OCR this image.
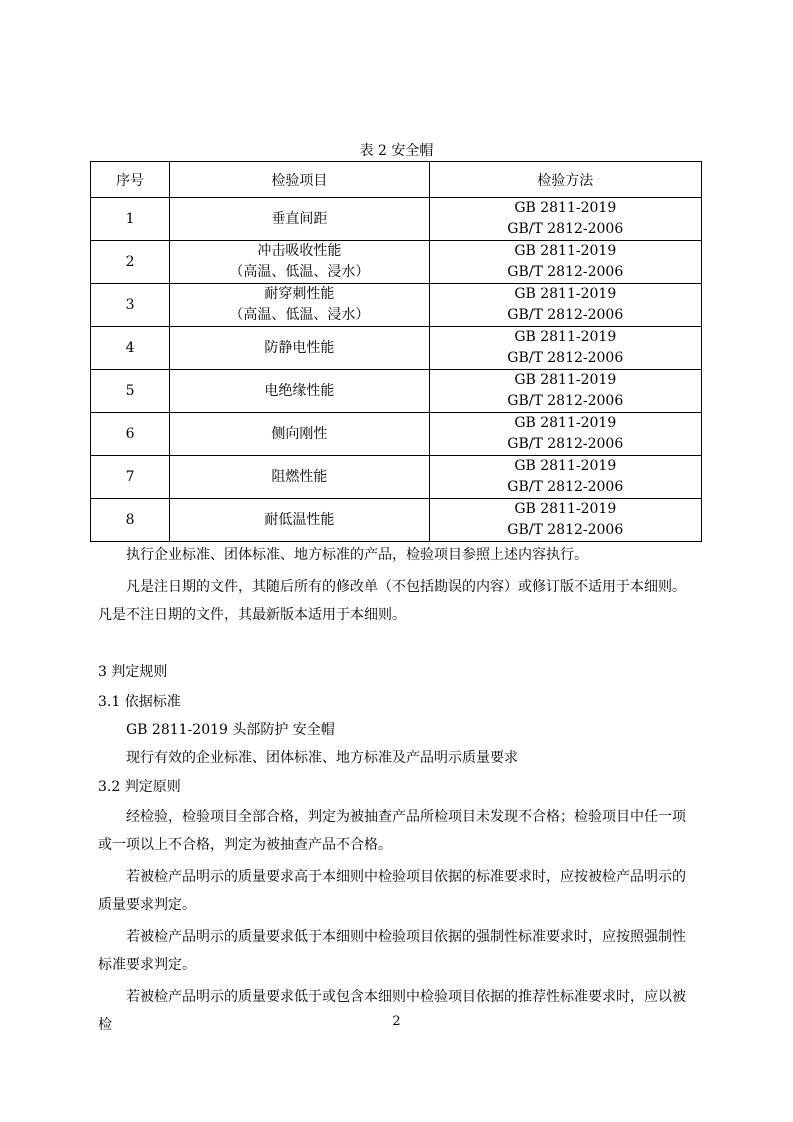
表 2 安全帽
序号	检验项目	检验方法
1	垂直间距	GB 2811-2019
GB/T 2812-2006

2	冲击吸收性能
（高温、低温、浸水）	GB 2811-2019
GB/T 2812-2006

3	耐穿刺性能
（高温、低温、浸水）	GB 2811-2019
GB/T 2812-2006

4	防静电性能	GB 2811-2019
GB/T 2812-2006

5	电绝缘性能	GB 2811-2019
GB/T 2812-2006

6	侧向刚性	GB 2811-2019
GB/T 2812-2006

7	阻燃性能	GB 2811-2019
GB/T 2812-2006

8	耐低温性能	GB 2811-2019
GB/T 2812-2006

执行企业标准、团体标准、地方标准的产品，检验项目参照上述内容执行。

凡是注日期的文件，其随后所有的修改单（不包括勘误的内容）或修订版不适用于本细则。凡是不注日期的文件，其最新版本适用于本细则。

3 判定规则

3.1 依据标准

GB 2811-2019 头部防护 安全帽

现行有效的企业标准、团体标准、地方标准及产品明示质量要求

3.2 判定原则

经检验，检验项目全部合格，判定为被抽查产品所检项目未发现不合格；检验项目中任一项或一项以上不合格，判定为被抽查产品不合格。

若被检产品明示的质量要求高于本细则中检验项目依据的标准要求时，应按被检产品明示的质量要求判定。

若被检产品明示的质量要求低于本细则中检验项目依据的强制性标准要求时，应按照强制性标准要求判定。

若被检产品明示的质量要求低于或包含本细则中检验项目依据的推荐性标准要求时，应以被检	2
